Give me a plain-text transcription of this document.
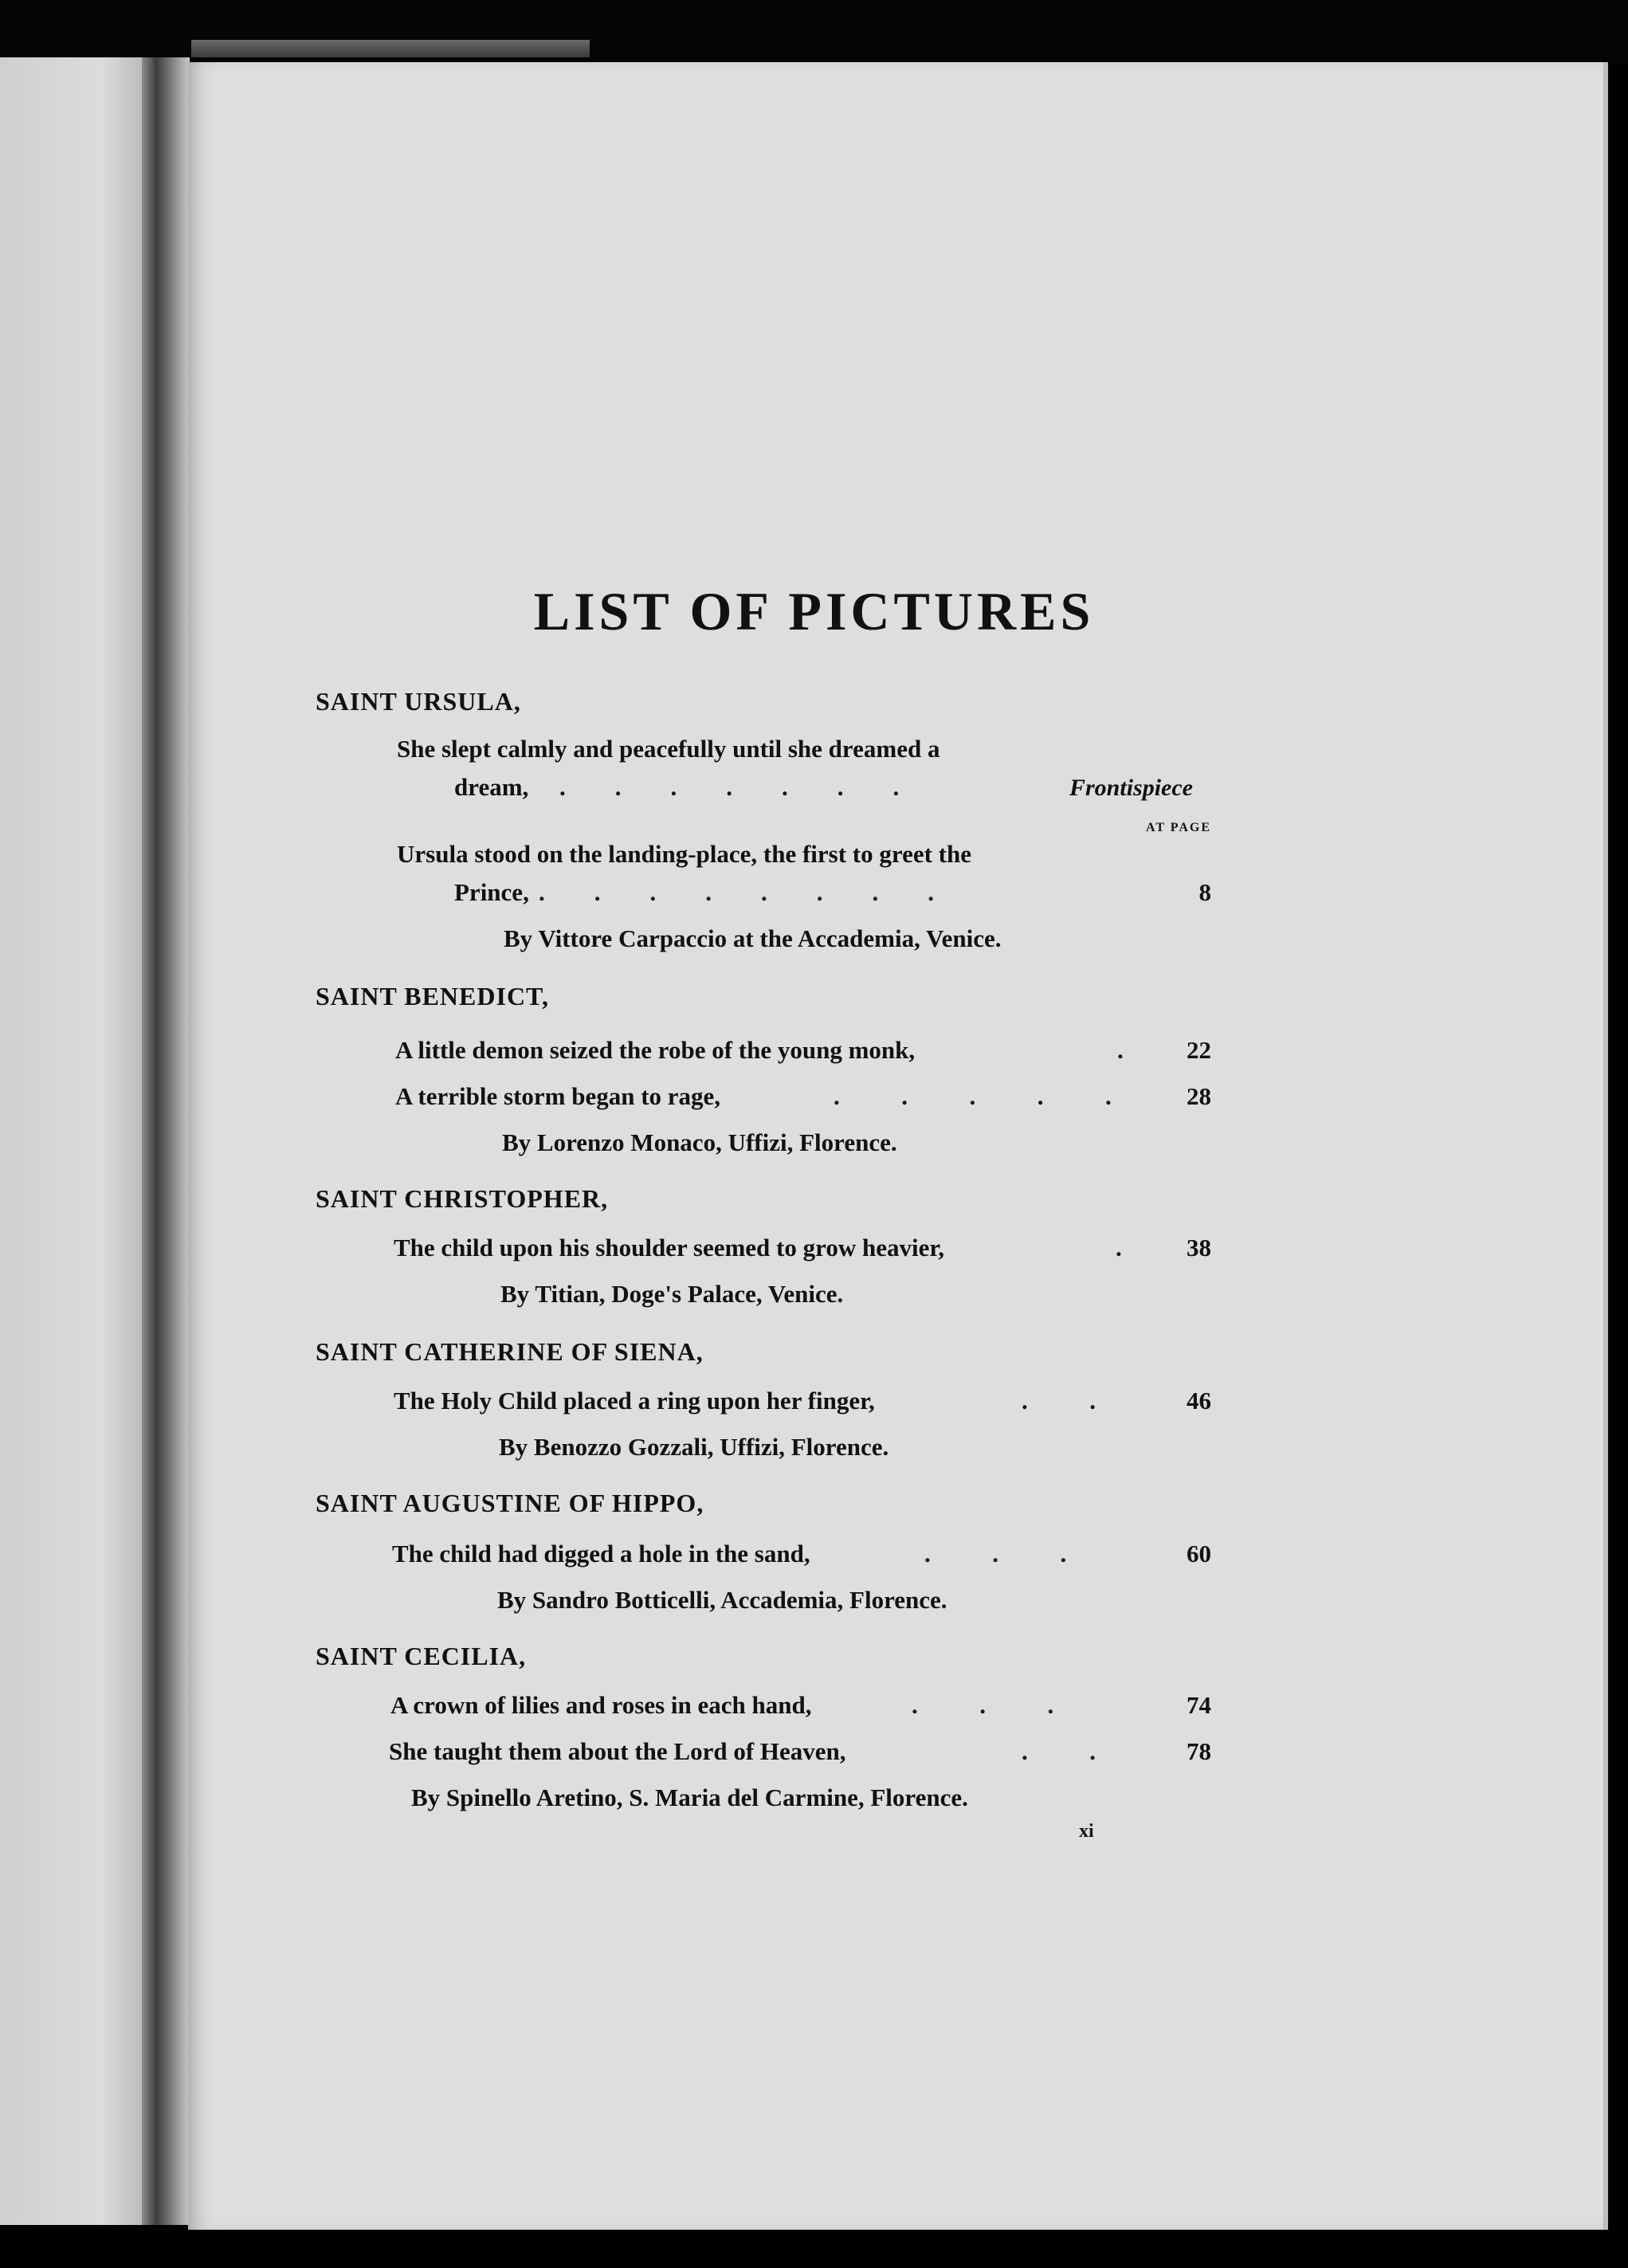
LIST OF PICTURES
SAINT URSULA,
She slept calmly and peacefully until she dreamed a
dream, .        .        .        .        .        .        .	Frontispiece
AT PAGE
Ursula stood on the landing-place, the first to greet the
Prince, .        .        .        .        .        .        .        .	8
By Vittore Carpaccio at the Accademia, Venice.
SAINT BENEDICT,
A little demon seized the robe of the young monk,	.	22
A terrible storm began to rage,	.          .          .          .          .	28
By Lorenzo Monaco, Uffizi, Florence.
SAINT CHRISTOPHER,
The child upon his shoulder seemed to grow heavier,	.	38
By Titian, Doge's Palace, Venice.
SAINT CATHERINE OF SIENA,
The Holy Child placed a ring upon her finger,	.          .	46
By Benozzo Gozzali, Uffizi, Florence.
SAINT AUGUSTINE OF HIPPO,
The child had digged a hole in the sand,	.          .          .	60
By Sandro Botticelli, Accademia, Florence.
SAINT CECILIA,
A crown of lilies and roses in each hand,	.          .          .	74
She taught them about the Lord of Heaven,	.          .	78
By Spinello Aretino, S. Maria del Carmine, Florence.
xi
